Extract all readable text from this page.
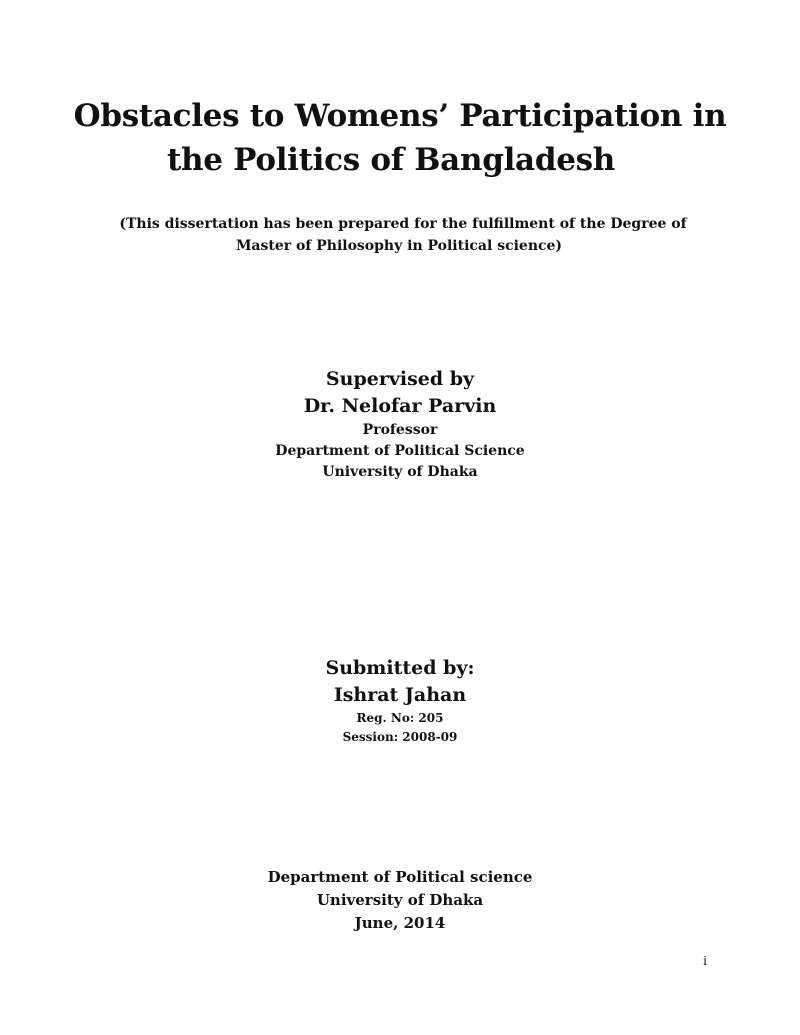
Obstacles to Womens’ Participation in
the Politics of Bangladesh
(This dissertation has been prepared for the fulfillment of the Degree of
Master of Philosophy in Political science)
Supervised by
Dr. Nelofar Parvin
Professor
Department of Political Science
University of Dhaka
Submitted by:
Ishrat Jahan
Reg. No: 205
Session: 2008-09
Department of Political science
University of Dhaka
June, 2014
i
